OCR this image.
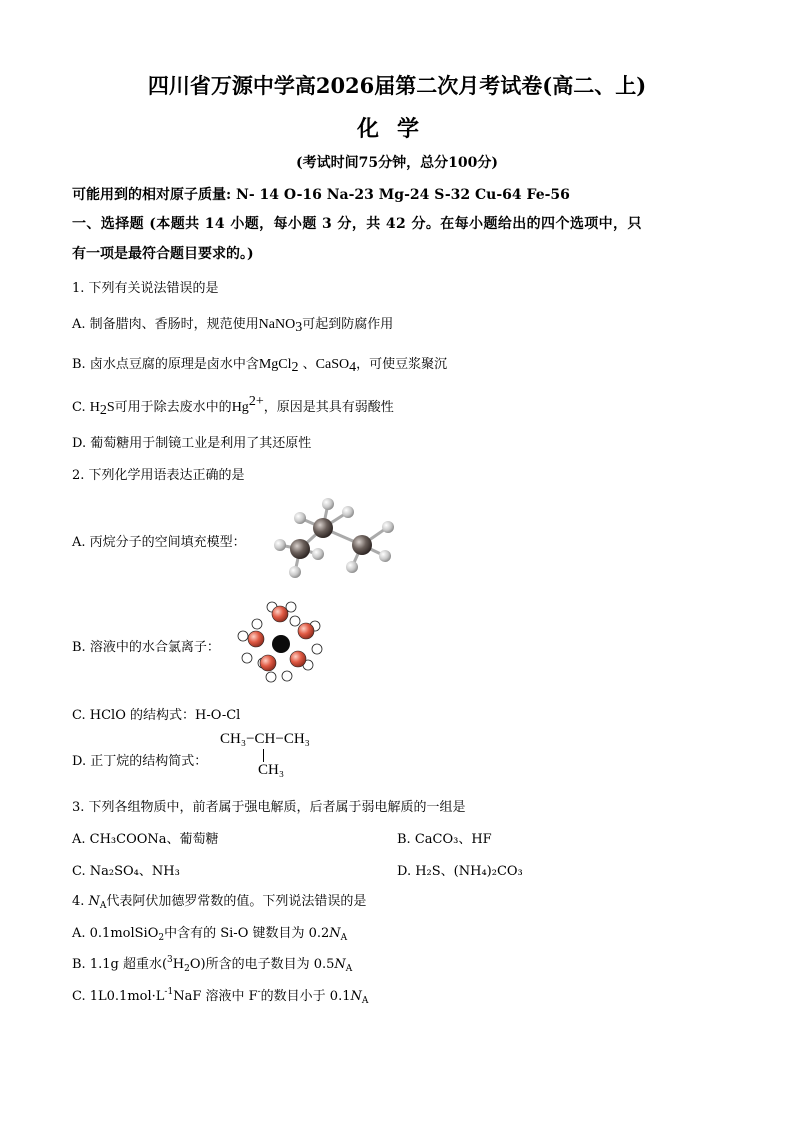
四川省万源中学高2026届第二次月考试卷(高二、上)
化学
(考试时间75分钟，总分100分)
可能用到的相对原子质量: N- 14 O-16 Na-23 Mg-24 S-32 Cu-64 Fe-56
一、选择题 (本题共 14 小题，每小题 3 分，共 42 分。在每小题给出的四个选项中，只
有一项是最符合题目要求的。)
1. 下列有关说法错误的是
A. 制备腊肉、香肠时，规范使用NaNO$_3$可起到防腐作用
B. 卤水点豆腐的原理是卤水中含MgCl$_2$ 、CaSO$_4$，可使豆浆聚沉
C. $H_2S$可用于除去废水中的$Hg^{2+}$，原因是其具有弱酸性
D. 葡萄糖用于制镜工业是利用了其还原性
2. 下列化学用语表达正确的是
A. 丙烷分子的空间填充模型：
B. 溶液中的水合氯离子：
C. HClO 的结构式：H-O-Cl
D. 正丁烷的结构简式：
CH₃−CH−CH₃
CH₃
3. 下列各组物质中，前者属于强电解质，后者属于弱电解质的一组是
A. CH₃COONa、葡萄糖	B. CaCO₃、HF
C. Na₂SO₄、NH₃	D. H₂S、(NH₄)₂CO₃
4. $N_A$代表阿伏加德罗常数的值。下列说法错误的是
A. 0.1molSiO$_2$中含有的 Si-O 键数目为 $0.2N_A$
B. 1.1g 超重水$(^3H_2O)$所含的电子数目为 $0.5N_A$
C. $1L0.1mol\cdot L^{-1}NaF$ 溶液中 F-的数目小于 $0.1N_A$
